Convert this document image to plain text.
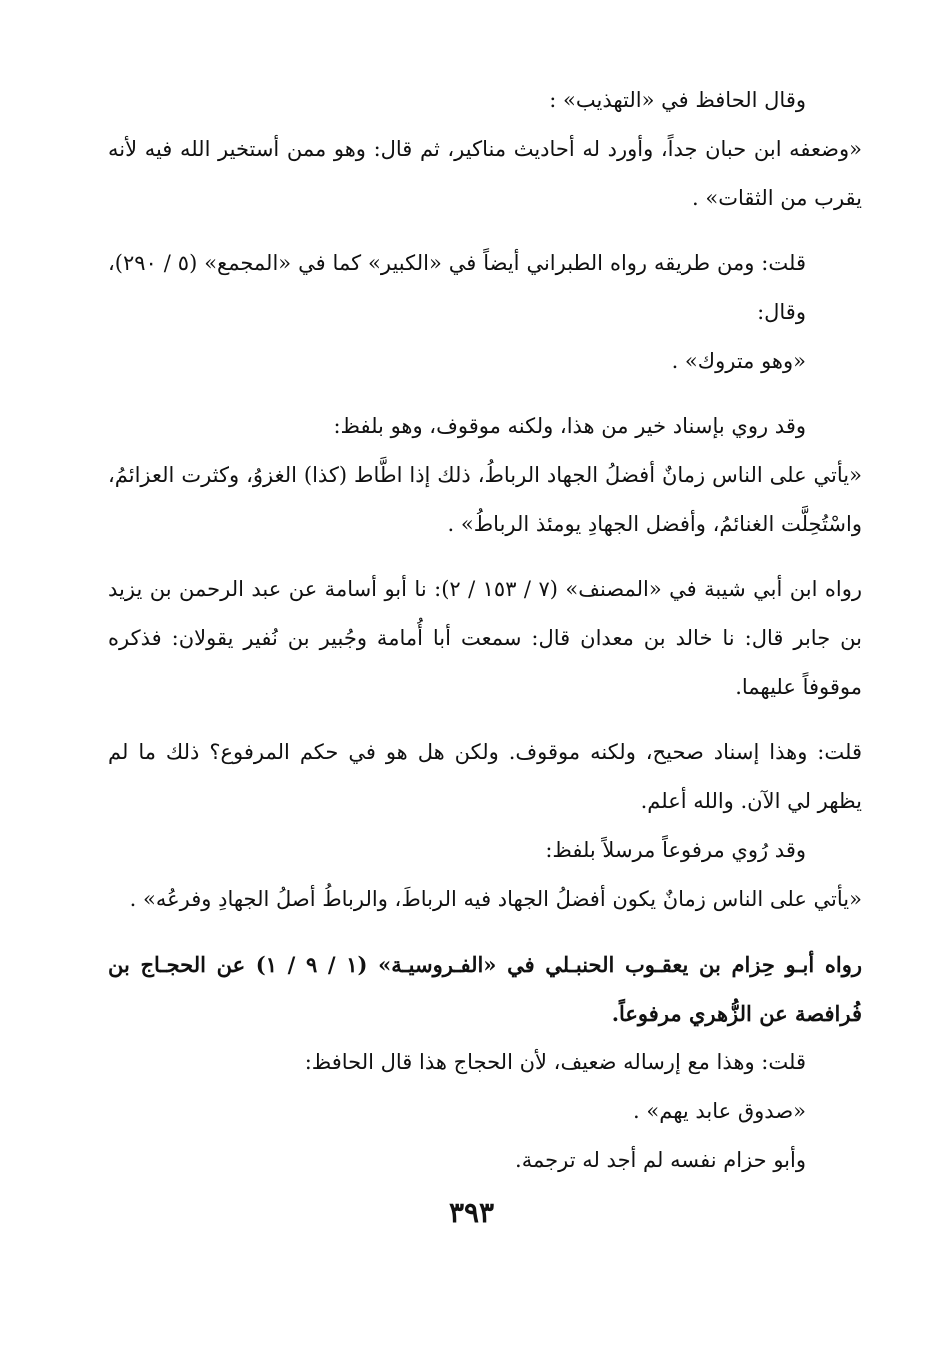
وقال الحافظ في «التهذيب» :

«وضعفه ابن حبان جداً، وأورد له أحاديث مناكير، ثم قال: وهو ممن أستخير الله فيه لأنه يقرب من الثقات» .

قلت: ومن طريقه رواه الطبراني أيضاً في «الكبير» كما في «المجمع» (٥ / ٢٩٠)، وقال:

«وهو متروك» .

وقد روي بإسناد خير من هذا، ولكنه موقوف، وهو بلفظ:

«يأتي على الناس زمانٌ أفضلُ الجهاد الرباطُ، ذلك إذا اطَّاط (كذا) الغزوُ، وكثرت العزائمُ، واسْتُحِلَّت الغنائمُ، وأفضل الجهادِ يومئذ الرباطُ» .

رواه ابن أبي شيبة في «المصنف» (٧ / ١٥٣ / ٢): نا أبو أسامة عن عبد الرحمن بن يزيد بن جابر قال: نا خالد بن معدان قال: سمعت أبا أُمامة وجُبير بن نُفير يقولان: فذكره موقوفاً عليهما.

قلت: وهذا إسناد صحيح، ولكنه موقوف. ولكن هل هو في حكم المرفوع؟ ذلك ما لم يظهر لي الآن. والله أعلم.

وقد رُوي مرفوعاً مرسلاً بلفظ:

«يأتي على الناس زمانٌ يكون أفضلُ الجهاد فيه الرباطَ، والرباطُ أصلُ الجهادِ وفرعُه» .

رواه أبـو حِزام بن يعقـوب الحنبـلي في «الفـروسيـة» (١ / ٩ / ١) عن الحجـاج بن فُرافصة عن الزُّهري مرفوعاً.

قلت: وهذا مع إرساله ضعيف، لأن الحجاج هذا قال الحافظ:

«صدوق عابد يهم» .

وأبو حزام نفسه لم أجد له ترجمة.

٣٩٣
